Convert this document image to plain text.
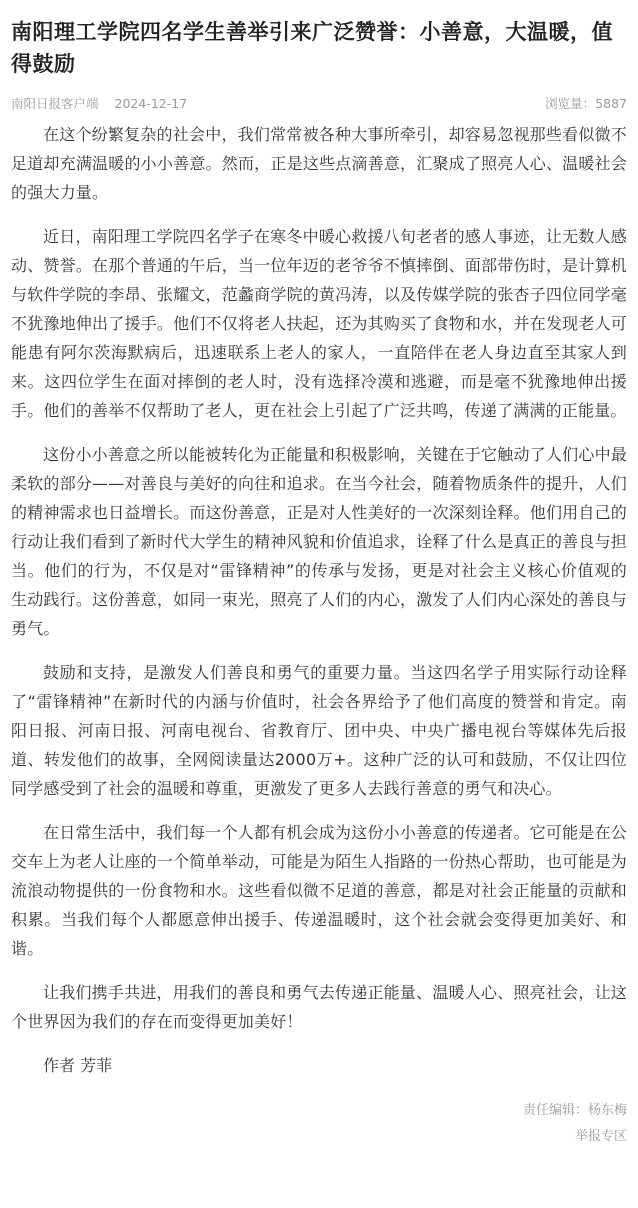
南阳理工学院四名学生善举引来广泛赞誉：小善意，大温暖，值得鼓励
南阳日报客户端 2024-12-17	浏览量：5887

在这个纷繁复杂的社会中，我们常常被各种大事所牵引，却容易忽视那些看似微不足道却充满温暖的小小善意。然而，正是这些点滴善意，汇聚成了照亮人心、温暖社会的强大力量。

近日，南阳理工学院四名学子在寒冬中暖心救援八旬老者的感人事迹，让无数人感动、赞誉。在那个普通的午后，当一位年迈的老爷爷不慎摔倒、面部带伤时，是计算机与软件学院的李昂、张耀文，范蠡商学院的黄冯涛，以及传媒学院的张杏子四位同学毫不犹豫地伸出了援手。他们不仅将老人扶起，还为其购买了食物和水，并在发现老人可能患有阿尔茨海默病后，迅速联系上老人的家人，一直陪伴在老人身边直至其家人到来。这四位学生在面对摔倒的老人时，没有选择冷漠和逃避，而是毫不犹豫地伸出援手。他们的善举不仅帮助了老人，更在社会上引起了广泛共鸣，传递了满满的正能量。

这份小小善意之所以能被转化为正能量和积极影响，关键在于它触动了人们心中最柔软的部分——对善良与美好的向往和追求。在当今社会，随着物质条件的提升，人们的精神需求也日益增长。而这份善意，正是对人性美好的一次深刻诠释。他们用自己的行动让我们看到了新时代大学生的精神风貌和价值追求，诠释了什么是真正的善良与担当。他们的行为，不仅是对“雷锋精神”的传承与发扬，更是对社会主义核心价值观的生动践行。这份善意，如同一束光，照亮了人们的内心，激发了人们内心深处的善良与勇气。

鼓励和支持，是激发人们善良和勇气的重要力量。当这四名学子用实际行动诠释了“雷锋精神”在新时代的内涵与价值时，社会各界给予了他们高度的赞誉和肯定。南阳日报、河南日报、河南电视台、省教育厅、团中央、中央广播电视台等媒体先后报道、转发他们的故事，全网阅读量达2000万+。这种广泛的认可和鼓励，不仅让四位同学感受到了社会的温暖和尊重，更激发了更多人去践行善意的勇气和决心。

在日常生活中，我们每一个人都有机会成为这份小小善意的传递者。它可能是在公交车上为老人让座的一个简单举动，可能是为陌生人指路的一份热心帮助，也可能是为流浪动物提供的一份食物和水。这些看似微不足道的善意，都是对社会正能量的贡献和积累。当我们每个人都愿意伸出援手、传递温暖时，这个社会就会变得更加美好、和谐。

让我们携手共进，用我们的善良和勇气去传递正能量、温暖人心、照亮社会，让这个世界因为我们的存在而变得更加美好！

作者 芳菲
责任编辑：杨东梅
举报专区
